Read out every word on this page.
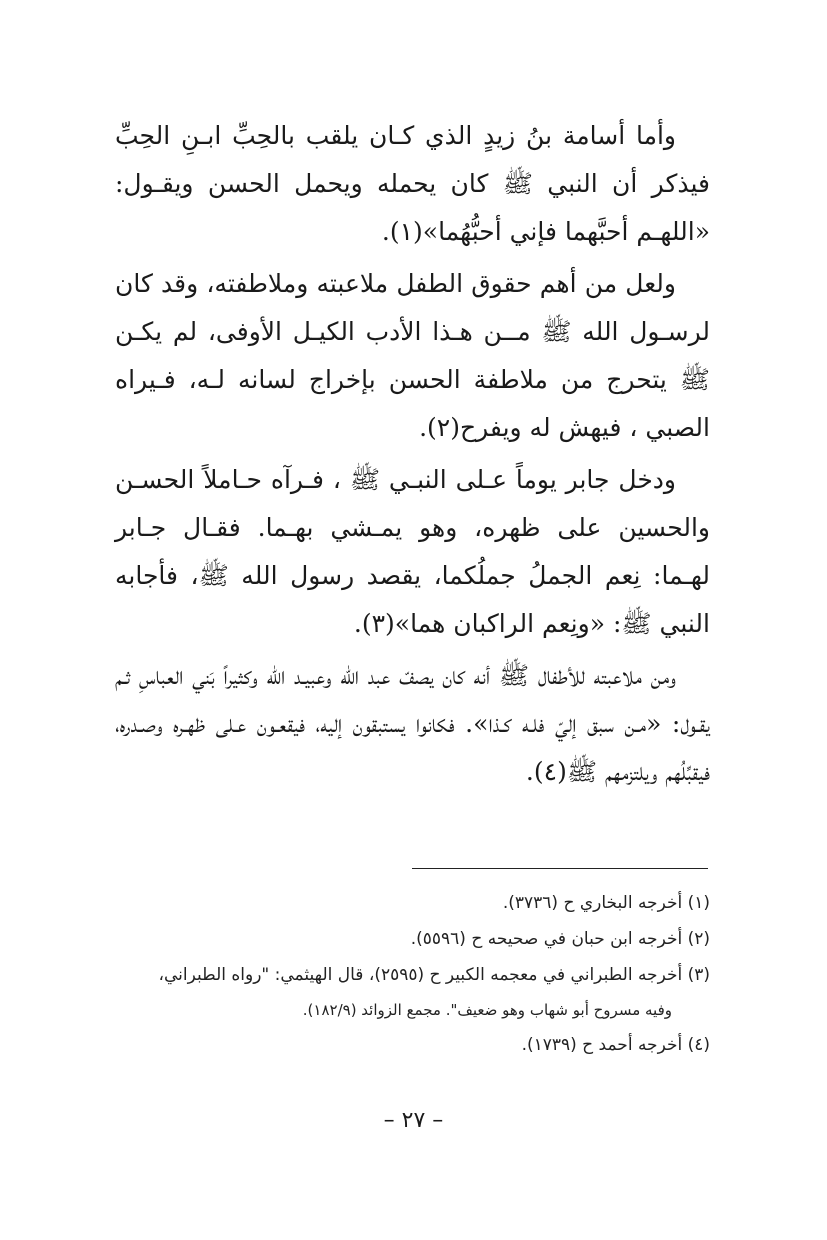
وأما أسامة بنُ زيدٍ الذي كـان يلقب بالحِبِّ ابـنِ الحِبِّ فيذكر أن النبي ﷺ كان يحمله ويحمل الحسن ويقـول: «اللهـم أحبَّهما فإني أحبُّهُما»(١).

ولعل من أهم حقوق الطفل ملاعبته وملاطفته، وقد كان لرسـول الله ﷺ مــن هـذا الأدب الكيـل الأوفى، لم يكـن ﷺ يتحرج من ملاطفة الحسن بإخراج لسانه لـه، فـيراه الصبي ، فيهش له ويفرح(٢).

ودخل جابر يوماً عـلى النبـي ﷺ ، فـرآه حـاملاً الحسـن والحسين على ظهره، وهو يمـشي بهـما. فقـال جـابر لهـما: نِعم الجملُ جملُكما، يقصد رسول الله ﷺ، فأجابه النبي ﷺ: «ونِعم الراكبان هما»(٣).

ومن ملاعبته للأطفال ﷺ أنه كان يصفّ عبد الله وعبيـد الله وكثيراً بَني العباسِ ثـم يقـول: «مـن سبق إليّ فلـه كـذا». فكانوا يستبقون إليه، فيقعـون عـلى ظهـره وصـدره، فيقبِّلُهم ويلتزمهم ﷺ(٤).

(١) أخرجه البخاري ح (٣٧٣٦).

(٢) أخرجه ابن حبان في صحيحه ح (٥٥٩٦).

(٣) أخرجه الطبراني في معجمه الكبير ح (٢٥٩٥)، قال الهيثمي: "رواه الطبراني،

وفيه مسروح أبو شهاب وهو ضعيف". مجمع الزوائد (١٨٢/٩).

(٤) أخرجه أحمد ح (١٧٣٩).

– ٢٧ –
